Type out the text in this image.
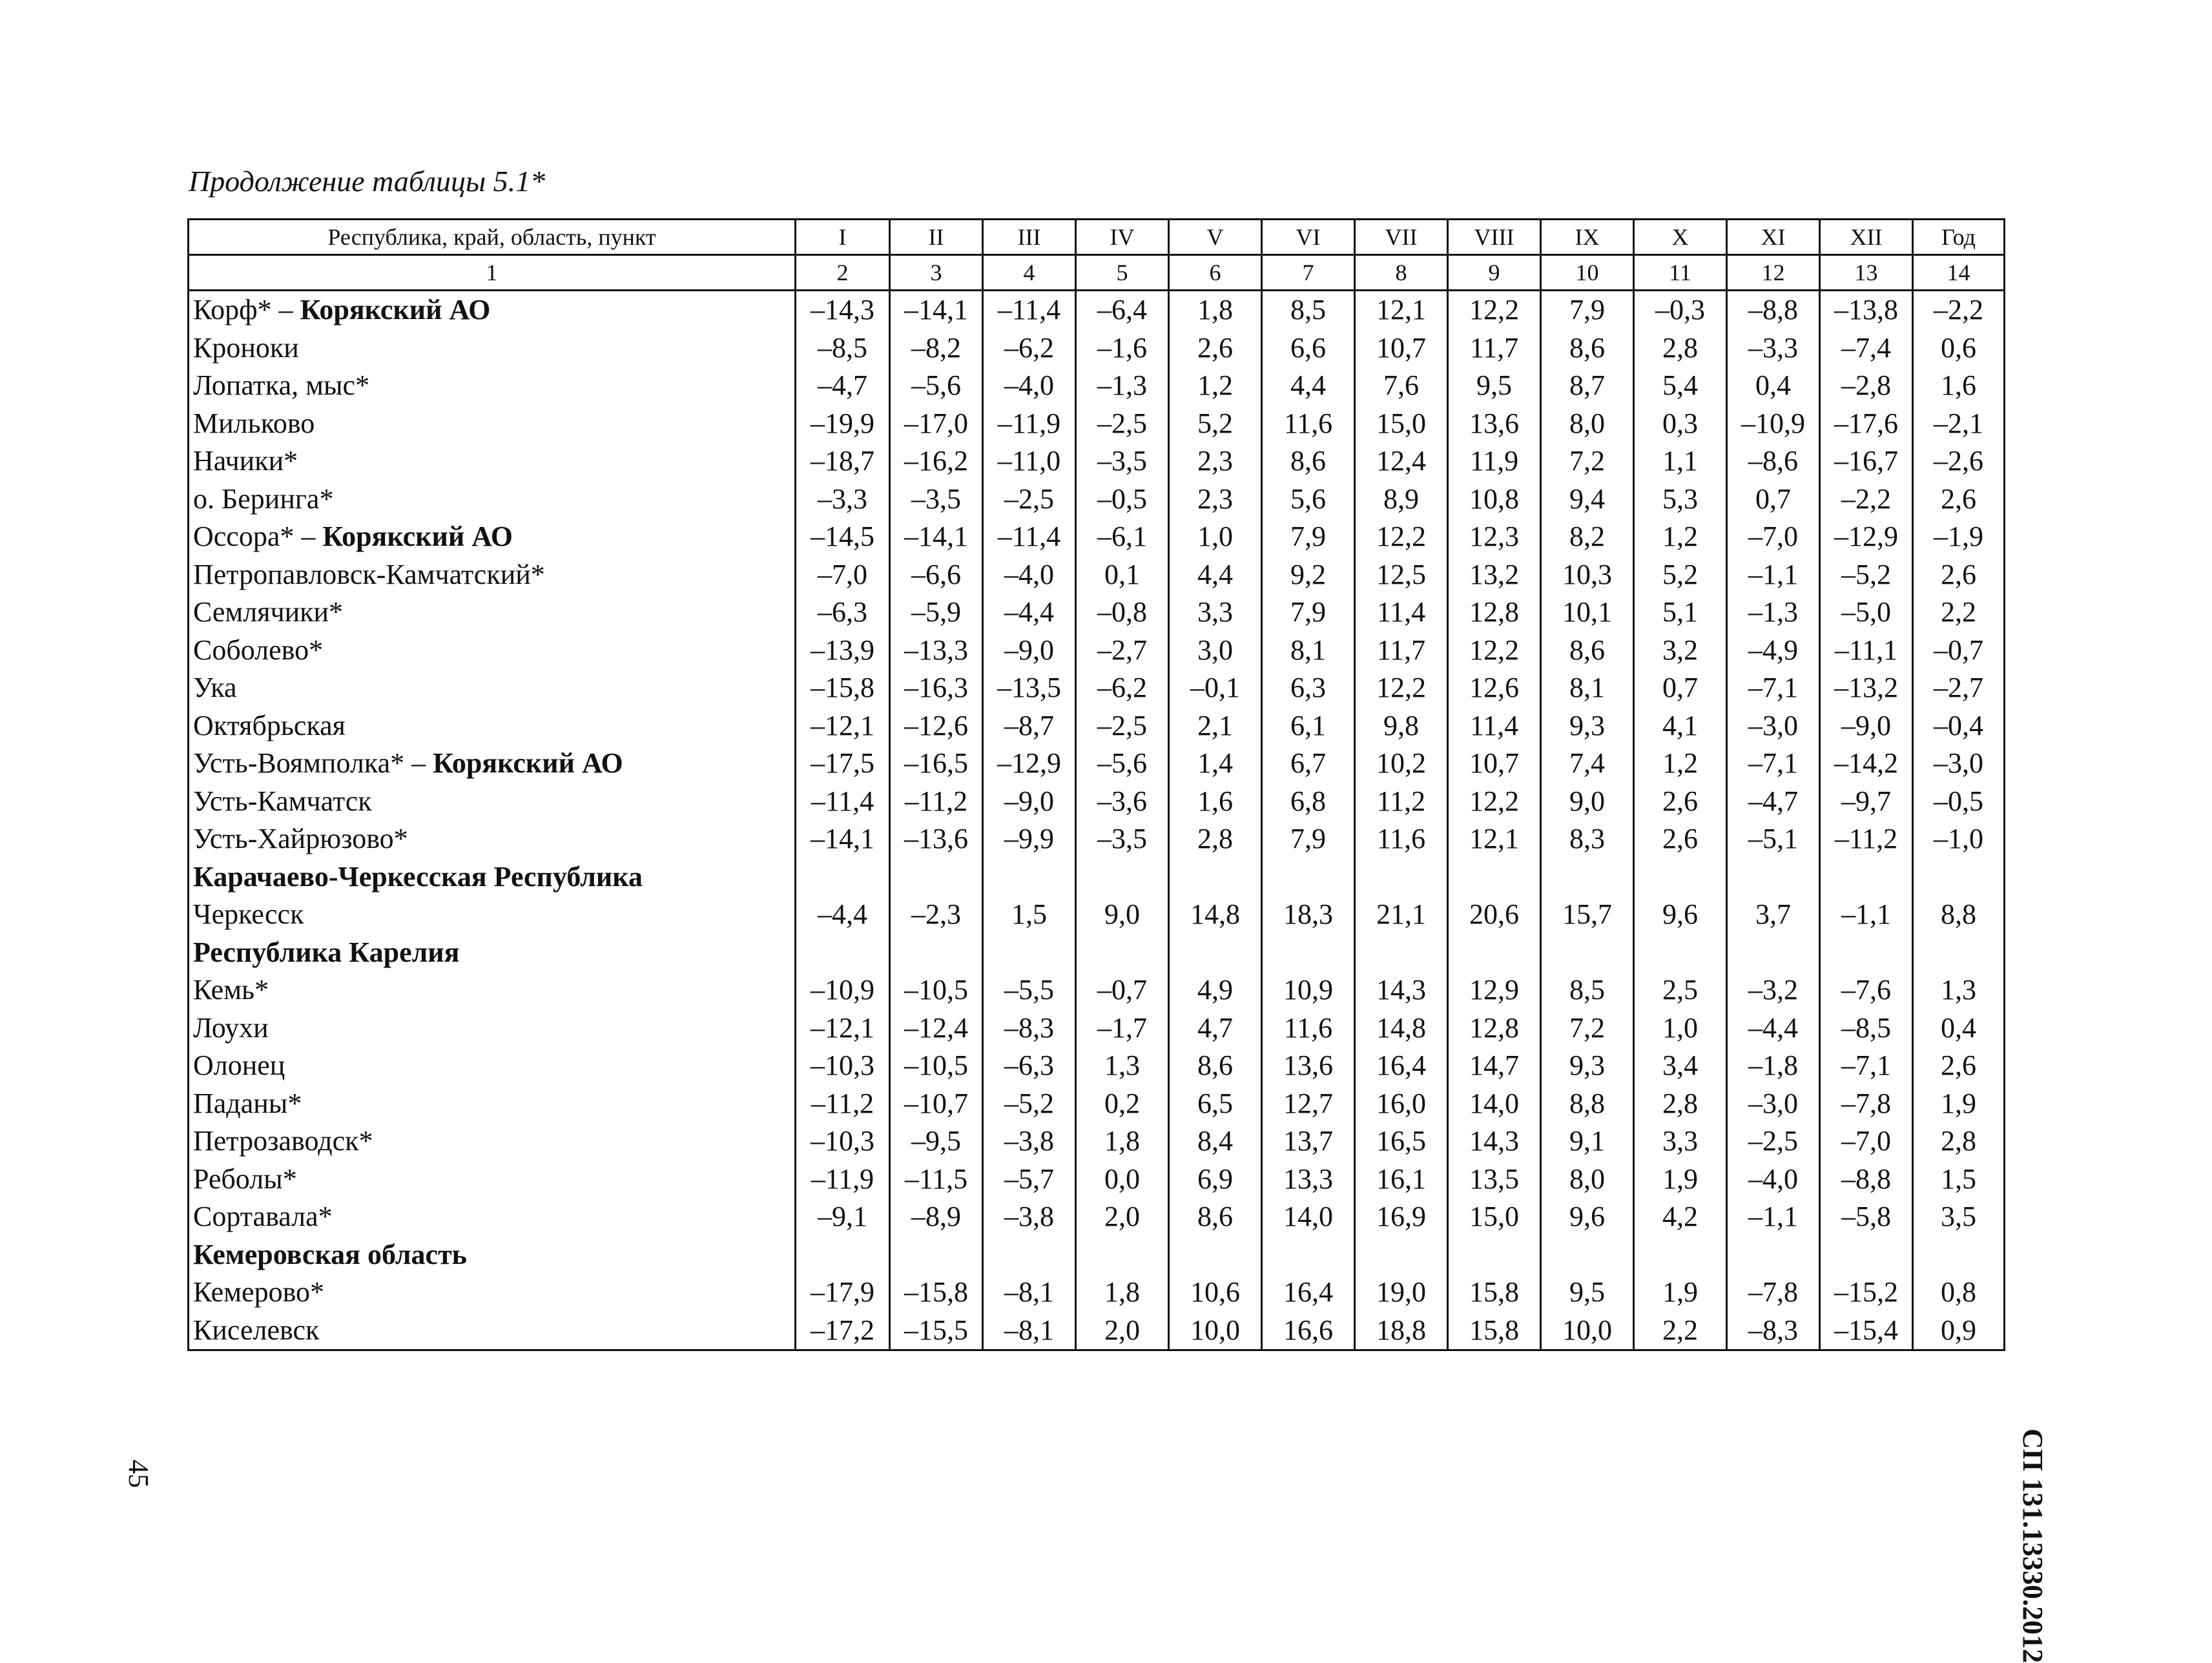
Продолжение таблицы 5.1*
Республика, край, область, пункт	I	II	III	IV	V	VI	VII	VIII	IX	X	XI	XII	Год
1	2	3	4	5	6	7	8	9	10	11	12	13	14
Корф* – Корякский АО	–14,3	–14,1	–11,4	–6,4	1,8	8,5	12,1	12,2	7,9	–0,3	–8,8	–13,8	–2,2
Кроноки	–8,5	–8,2	–6,2	–1,6	2,6	6,6	10,7	11,7	8,6	2,8	–3,3	–7,4	0,6
Лопатка, мыс*	–4,7	–5,6	–4,0	–1,3	1,2	4,4	7,6	9,5	8,7	5,4	0,4	–2,8	1,6
Мильково	–19,9	–17,0	–11,9	–2,5	5,2	11,6	15,0	13,6	8,0	0,3	–10,9	–17,6	–2,1
Начики*	–18,7	–16,2	–11,0	–3,5	2,3	8,6	12,4	11,9	7,2	1,1	–8,6	–16,7	–2,6
о. Беринга*	–3,3	–3,5	–2,5	–0,5	2,3	5,6	8,9	10,8	9,4	5,3	0,7	–2,2	2,6
Оссора* – Корякский АО	–14,5	–14,1	–11,4	–6,1	1,0	7,9	12,2	12,3	8,2	1,2	–7,0	–12,9	–1,9
Петропавловск-Камчатский*	–7,0	–6,6	–4,0	0,1	4,4	9,2	12,5	13,2	10,3	5,2	–1,1	–5,2	2,6
Семлячики*	–6,3	–5,9	–4,4	–0,8	3,3	7,9	11,4	12,8	10,1	5,1	–1,3	–5,0	2,2
Соболево*	–13,9	–13,3	–9,0	–2,7	3,0	8,1	11,7	12,2	8,6	3,2	–4,9	–11,1	–0,7
Ука	–15,8	–16,3	–13,5	–6,2	–0,1	6,3	12,2	12,6	8,1	0,7	–7,1	–13,2	–2,7
Октябрьская	–12,1	–12,6	–8,7	–2,5	2,1	6,1	9,8	11,4	9,3	4,1	–3,0	–9,0	–0,4
Усть-Воямполка* – Корякский АО	–17,5	–16,5	–12,9	–5,6	1,4	6,7	10,2	10,7	7,4	1,2	–7,1	–14,2	–3,0
Усть-Камчатск	–11,4	–11,2	–9,0	–3,6	1,6	6,8	11,2	12,2	9,0	2,6	–4,7	–9,7	–0,5
Усть-Хайрюзово*	–14,1	–13,6	–9,9	–3,5	2,8	7,9	11,6	12,1	8,3	2,6	–5,1	–11,2	–1,0
Карачаево-Черкесская Республика													
Черкесск	–4,4	–2,3	1,5	9,0	14,8	18,3	21,1	20,6	15,7	9,6	3,7	–1,1	8,8
Республика Карелия													
Кемь*	–10,9	–10,5	–5,5	–0,7	4,9	10,9	14,3	12,9	8,5	2,5	–3,2	–7,6	1,3
Лоухи	–12,1	–12,4	–8,3	–1,7	4,7	11,6	14,8	12,8	7,2	1,0	–4,4	–8,5	0,4
Олонец	–10,3	–10,5	–6,3	1,3	8,6	13,6	16,4	14,7	9,3	3,4	–1,8	–7,1	2,6
Паданы*	–11,2	–10,7	–5,2	0,2	6,5	12,7	16,0	14,0	8,8	2,8	–3,0	–7,8	1,9
Петрозаводск*	–10,3	–9,5	–3,8	1,8	8,4	13,7	16,5	14,3	9,1	3,3	–2,5	–7,0	2,8
Реболы*	–11,9	–11,5	–5,7	0,0	6,9	13,3	16,1	13,5	8,0	1,9	–4,0	–8,8	1,5
Сортавала*	–9,1	–8,9	–3,8	2,0	8,6	14,0	16,9	15,0	9,6	4,2	–1,1	–5,8	3,5
Кемеровская область													
Кемерово*	–17,9	–15,8	–8,1	1,8	10,6	16,4	19,0	15,8	9,5	1,9	–7,8	–15,2	0,8
Киселевск	–17,2	–15,5	–8,1	2,0	10,0	16,6	18,8	15,8	10,0	2,2	–8,3	–15,4	0,9
СП 131.13330.2012
45
